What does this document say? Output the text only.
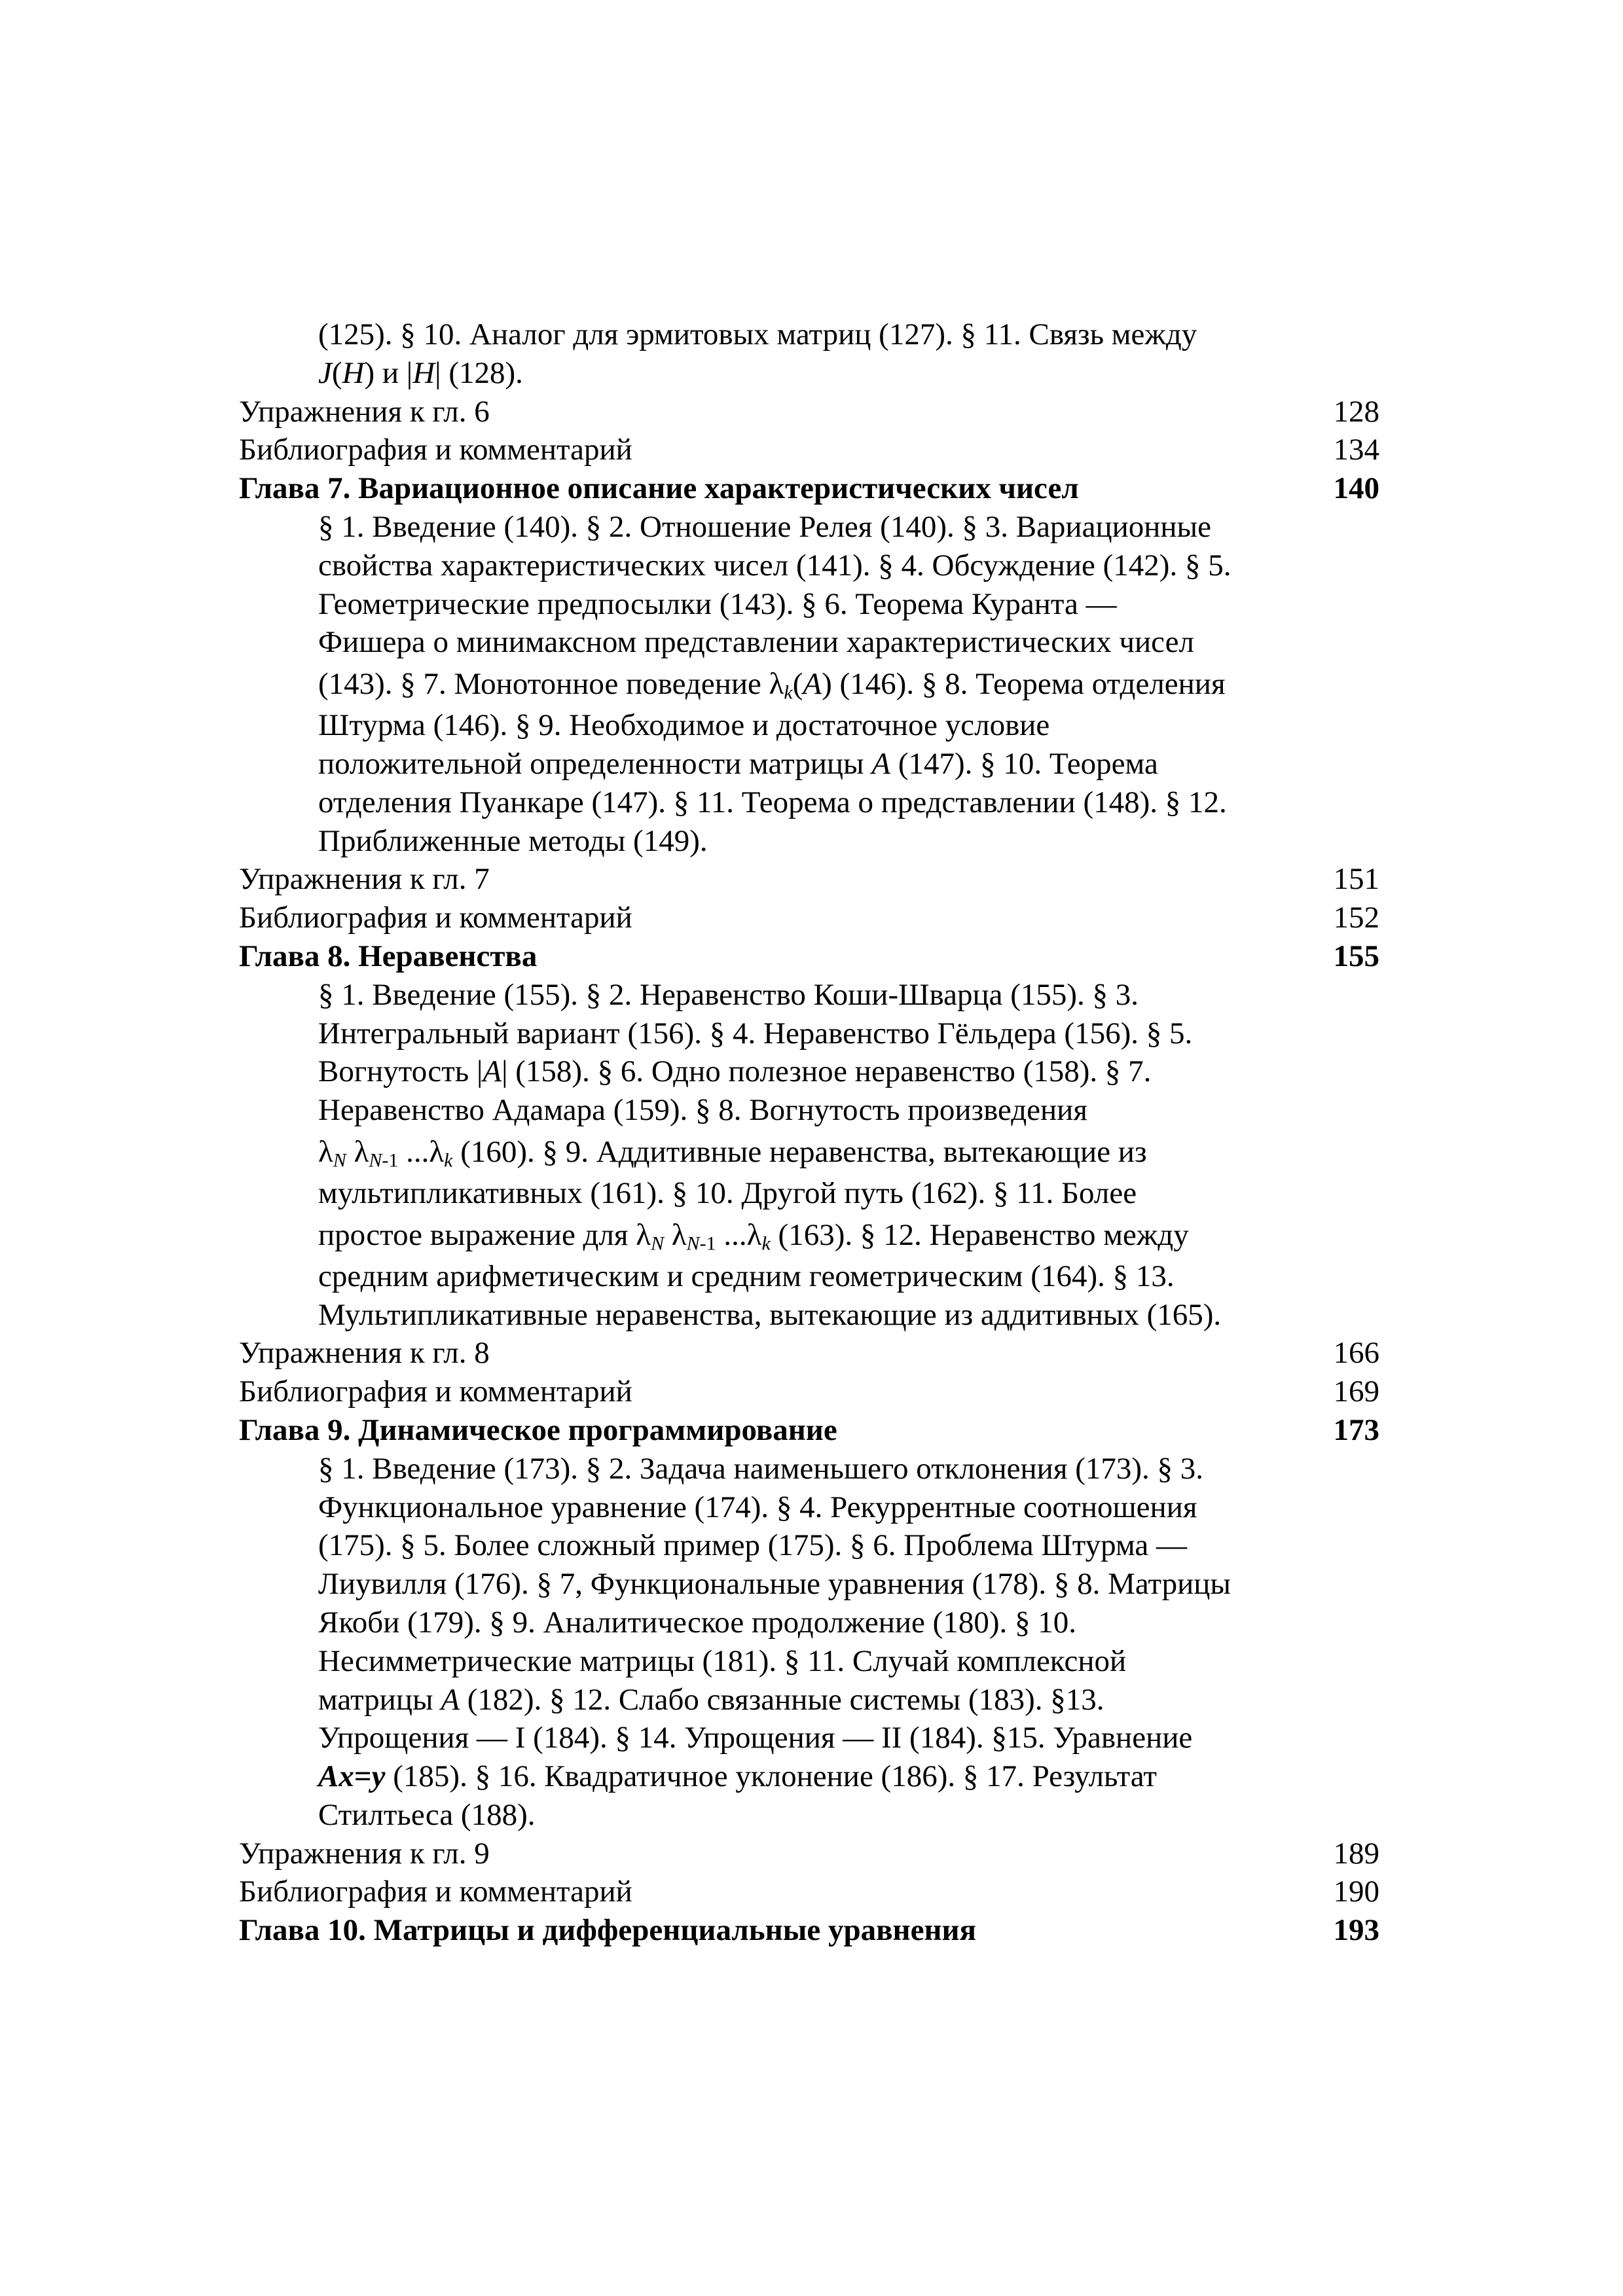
(125). § 10. Аналог для эрмитовых матриц (127). § 11. Связь между
J(H) и |H| (128).
Упражнения к гл. 6	128
Библиография и комментарий	134
Глава 7. Вариационное описание характеристических чисел	140
§ 1. Введение (140). § 2. Отношение Релея (140). § 3. Вариационные
свойства характеристических чисел (141). § 4. Обсуждение (142). § 5.
Геометрические предпосылки (143). § 6. Теорема Куранта —
Фишера о минимаксном представлении характеристических чисел
(143). § 7. Монотонное поведение $\lambda_k(A)$ (146). § 8. Теорема отделения
Штурма (146). § 9. Необходимое и достаточное условие
положительной определенности матрицы A (147). § 10. Теорема
отделения Пуанкаре (147). § 11. Теорема о представлении (148). § 12.
Приближенные методы (149).
Упражнения к гл. 7	151
Библиография и комментарий	152
Глава 8. Неравенства	155
§ 1. Введение (155). § 2. Неравенство Коши-Шварца (155). § 3.
Интегральный вариант (156). § 4. Неравенство Гёльдера (156). § 5.
Вогнутость |A| (158). § 6. Одно полезное неравенство (158). § 7.
Неравенство Адамара (159). § 8. Вогнутость произведения
$\lambda_N$ $\lambda_{N-1}$ $...\lambda_k$ (160). § 9. Аддитивные неравенства, вытекающие из
мультипликативных (161). § 10. Другой путь (162). § 11. Более
простое выражение для $\lambda_N$ $\lambda_{N-1}$ $...\lambda_k$ (163). § 12. Неравенство между
средним арифметическим и средним геометрическим (164). § 13.
Мультипликативные неравенства, вытекающие из аддитивных (165).
Упражнения к гл. 8	166
Библиография и комментарий	169
Глава 9. Динамическое программирование	173
§ 1. Введение (173). § 2. Задача наименьшего отклонения (173). § 3.
Функциональное уравнение (174). § 4. Рекуррентные соотношения
(175). § 5. Более сложный пример (175). § 6. Проблема Штурма —
Лиувилля (176). § 7, Функциональные уравнения (178). § 8. Матрицы
Якоби (179). § 9. Аналитическое продолжение (180). § 10.
Несимметрические матрицы (181). § 11. Случай комплексной
матрицы A (182). § 12. Слабо связанные системы (183). §13.
Упрощения — I (184). § 14. Упрощения — II (184). §15. Уравнение
Ax=y (185). § 16. Квадратичное уклонение (186). § 17. Результат
Стилтьеса (188).
Упражнения к гл. 9	189
Библиография и комментарий	190
Глава 10. Матрицы и дифференциальные уравнения	193
